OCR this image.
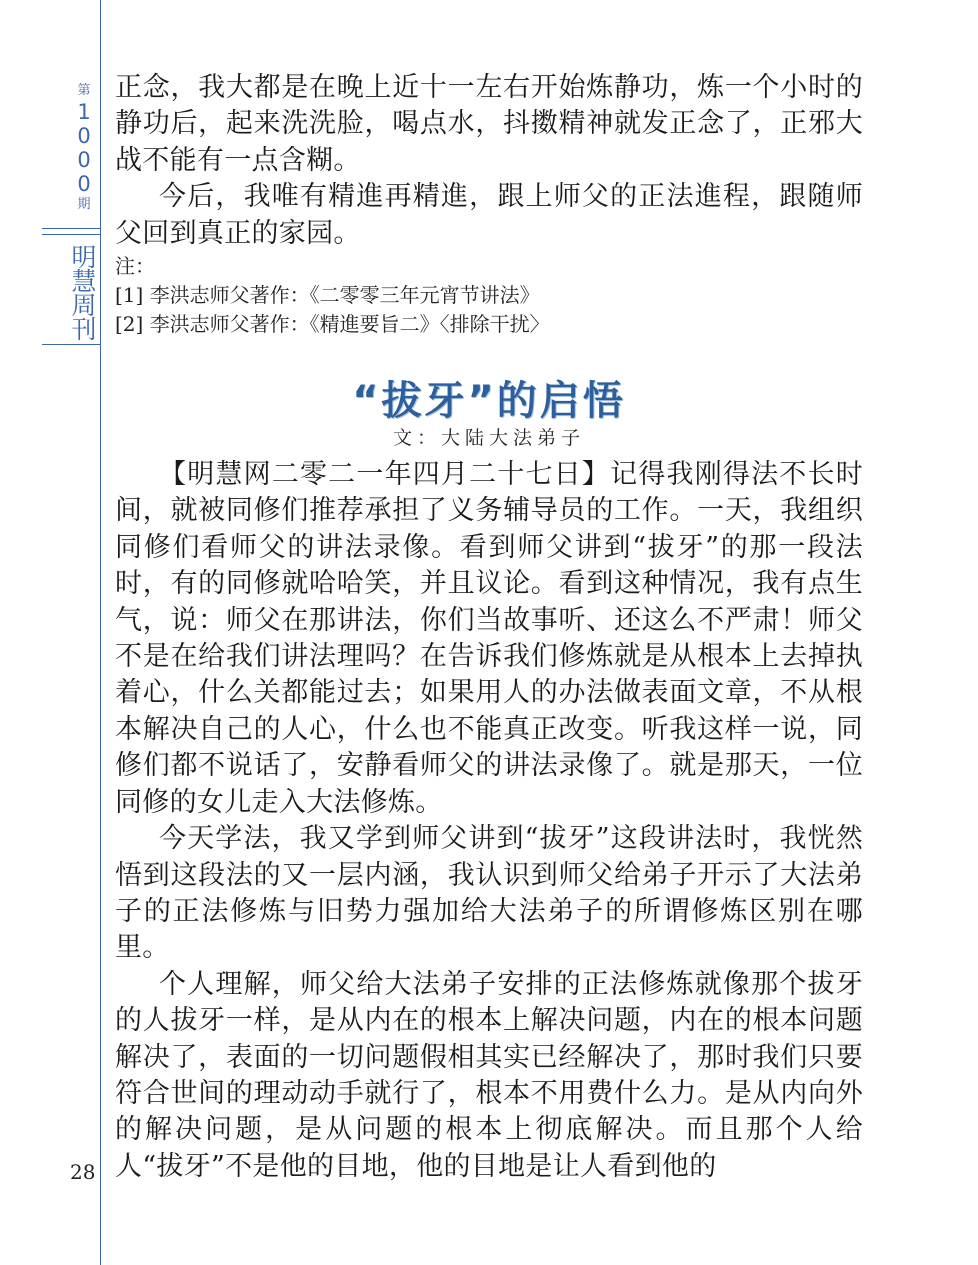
第
1
0
0
0
期
明
慧
周
刊
28

正念，我大都是在晚上近十一左右开始炼静功，炼一个小时的静功后，起来洗洗脸，喝点水，抖擞精神就发正念了，正邪大战不能有一点含糊。

今后，我唯有精進再精進，跟上师父的正法進程，跟随师父回到真正的家园。

注：

[1] 李洪志师父著作：《二零零三年元宵节讲法》

[2] 李洪志师父著作：《精進要旨二》〈排除干扰〉

“拔牙”的启悟

文：大陆大法弟子

【明慧网二零二一年四月二十七日】记得我刚得法不长时间，就被同修们推荐承担了义务辅导员的工作。一天，我组织同修们看师父的讲法录像。看到师父讲到“拔牙”的那一段法时，有的同修就哈哈笑，并且议论。看到这种情况，我有点生气，说：师父在那讲法，你们当故事听、还这么不严肃！师父不是在给我们讲法理吗？在告诉我们修炼就是从根本上去掉执着心，什么关都能过去；如果用人的办法做表面文章，不从根本解决自己的人心，什么也不能真正改变。听我这样一说，同修们都不说话了，安静看师父的讲法录像了。就是那天，一位同修的女儿走入大法修炼。

今天学法，我又学到师父讲到“拔牙”这段讲法时，我恍然悟到这段法的又一层内涵，我认识到师父给弟子开示了大法弟子的正法修炼与旧势力强加给大法弟子的所谓修炼区别在哪里。

个人理解，师父给大法弟子安排的正法修炼就像那个拔牙的人拔牙一样，是从内在的根本上解决问题，内在的根本问题解决了，表面的一切问题假相其实已经解决了，那时我们只要符合世间的理动动手就行了，根本不用费什么力。是从内向外的解决问题，是从问题的根本上彻底解决。而且那个人给人“拔牙”不是他的目地，他的目地是让人看到他的
